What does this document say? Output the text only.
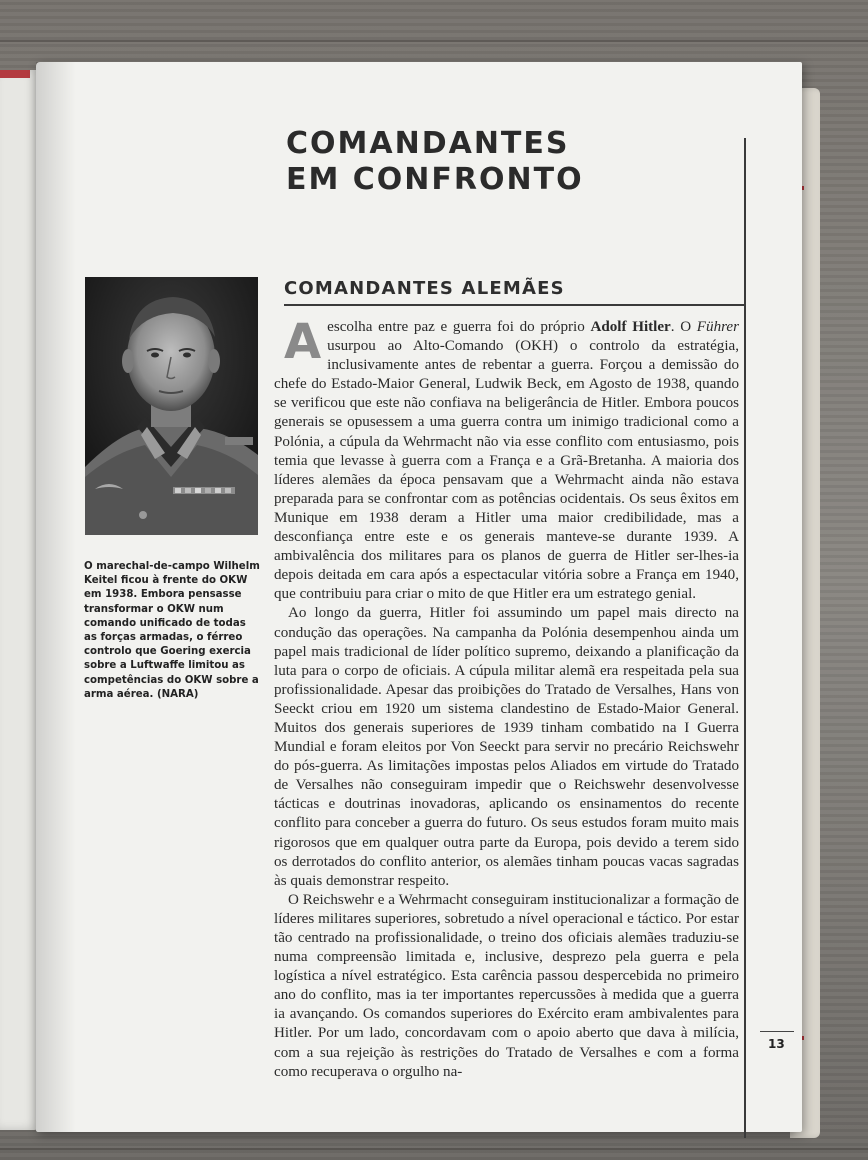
COMANDANTES
EM CONFRONTO
COMANDANTES ALEMÃES
O marechal-de-campo Wilhelm Keitel ficou à frente do OKW em 1938. Embora pensasse transformar o OKW num comando unificado de todas as forças armadas, o férreo controlo que Goering exercia sobre a Luftwaffe limitou as competências do OKW sobre a arma aérea. (NARA)

A escolha entre paz e guerra foi do próprio Adolf Hitler. O Führer usurpou ao Alto-Comando (OKH) o controlo da estratégia, inclusivamente antes de rebentar a guerra. Forçou a demissão do chefe do Estado-Maior General, Ludwik Beck, em Agosto de 1938, quando se verificou que este não confiava na beligerância de Hitler. Embora poucos generais se opusessem a uma guerra contra um inimigo tradicional como a Polónia, a cúpula da Wehrmacht não via esse conflito com entusiasmo, pois temia que levasse à guerra com a França e a Grã-Bretanha. A maioria dos líderes alemães da época pensavam que a Wehrmacht ainda não estava preparada para se confrontar com as potências ocidentais. Os seus êxitos em Munique em 1938 deram a Hitler uma maior credibilidade, mas a desconfiança entre este e os generais manteve-se durante 1939. A ambivalência dos militares para os planos de guerra de Hitler ser-lhes-ia depois deitada em cara após a espectacular vitória sobre a França em 1940, que contribuiu para criar o mito de que Hitler era um estratego genial.

Ao longo da guerra, Hitler foi assumindo um papel mais directo na condução das operações. Na campanha da Polónia desempenhou ainda um papel mais tradicional de líder político supremo, deixando a planificação da luta para o corpo de oficiais. A cúpula militar alemã era respeitada pela sua profissionalidade. Apesar das proibições do Tratado de Versalhes, Hans von Seeckt criou em 1920 um sistema clandestino de Estado-Maior General. Muitos dos generais superiores de 1939 tinham combatido na I Guerra Mundial e foram eleitos por Von Seeckt para servir no precário Reichswehr do pós-guerra. As limitações impostas pelos Aliados em virtude do Tratado de Versalhes não conseguiram impedir que o Reichswehr desenvolvesse tácticas e doutrinas inovadoras, aplicando os ensinamentos do recente conflito para conceber a guerra do futuro. Os seus estudos foram muito mais rigorosos que em qualquer outra parte da Europa, pois devido a terem sido os derrotados do conflito anterior, os alemães tinham poucas vacas sagradas às quais demonstrar respeito.

O Reichswehr e a Wehrmacht conseguiram institucionalizar a formação de líderes militares superiores, sobretudo a nível operacional e táctico. Por estar tão centrado na profissionalidade, o treino dos oficiais alemães traduziu-se numa compreensão limitada e, inclusive, desprezo pela guerra e pela logística a nível estratégico. Esta carência passou despercebida no primeiro ano do conflito, mas ia ter importantes repercussões à medida que a guerra ia avançando. Os comandos superiores do Exército eram ambivalentes para Hitler. Por um lado, concordavam com o apoio aberto que dava à milícia, com a sua rejeição às restrições do Tratado de Versalhes e com a forma como recuperava o orgulho na-

13
